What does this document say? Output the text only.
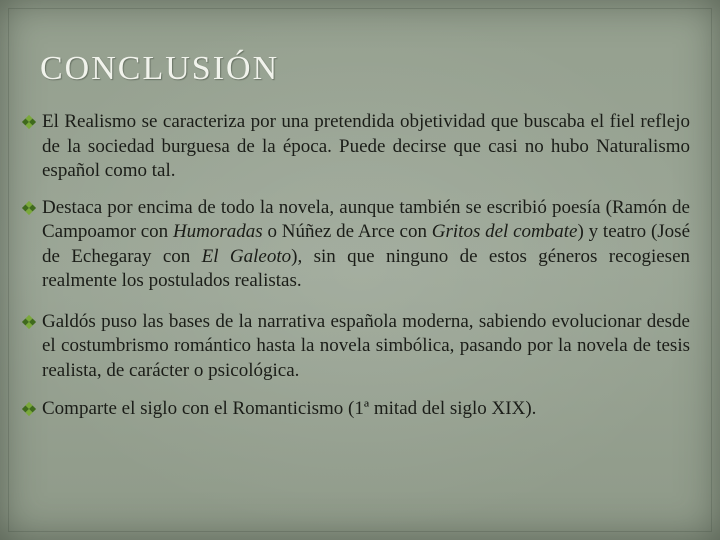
CONCLUSIÓN
El Realismo se caracteriza por una pretendida objetividad que buscaba el fiel reflejo de la sociedad burguesa de la época. Puede decirse que casi no hubo Naturalismo español como tal.
Destaca por encima de todo la novela, aunque también se escribió poesía (Ramón de Campoamor con Humoradas o Núñez de Arce con Gritos del combate) y teatro (José de Echegaray con El Galeoto), sin que ninguno de estos géneros recogiesen realmente los postulados realistas.
Galdós puso las bases de la narrativa española moderna, sabiendo evolucionar desde el costumbrismo romántico hasta la novela simbólica, pasando por la novela de tesis realista, de carácter o psicológica.
Comparte el siglo con el Romanticismo (1ª mitad del siglo XIX).
